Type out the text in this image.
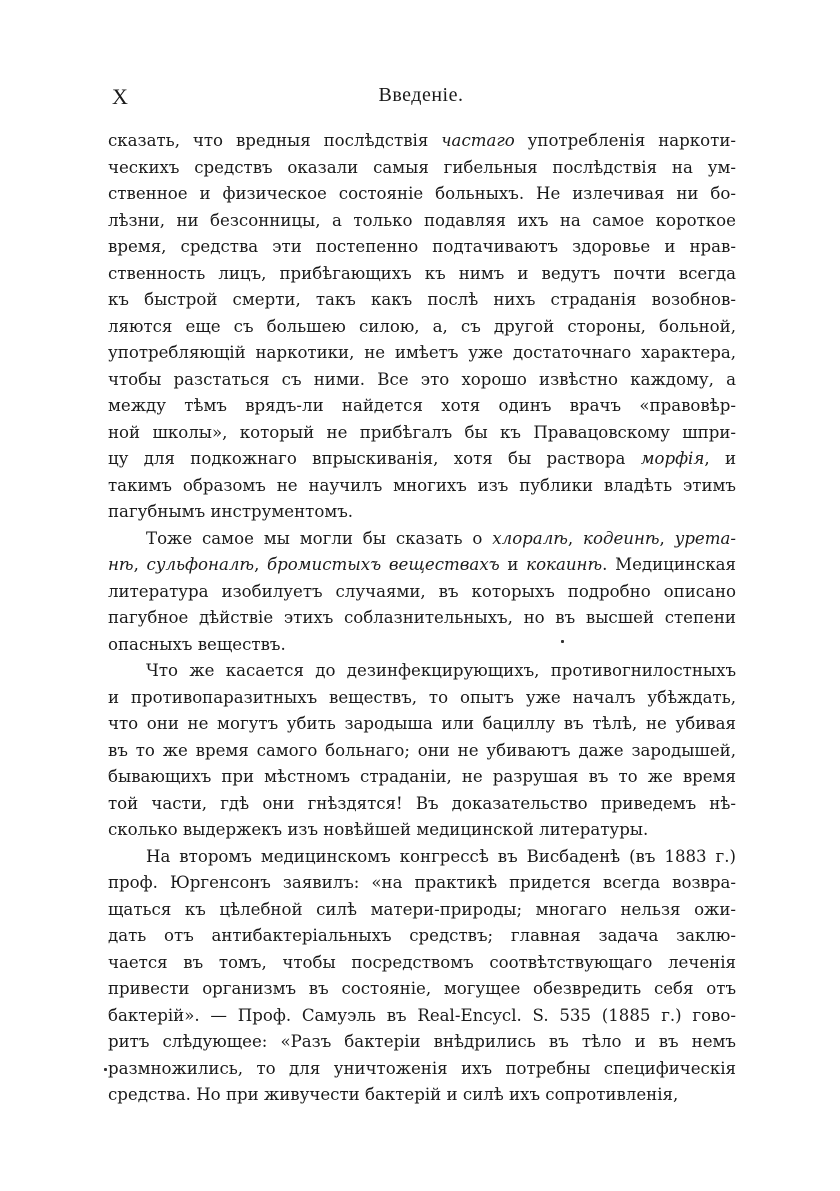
X	Введеніе.
сказать, что вредныя послѣдствія частаго употребленія наркоти-
ческихъ средствъ оказали самыя гибельныя послѣдствія на ум-
ственное и физическое состояніе больныхъ. Не излечивая ни бо-
лѣзни, ни безсонницы, а только подавляя ихъ на самое короткое
время, средства эти постепенно подтачиваютъ здоровье и нрав-
ственность лицъ, прибѣгающихъ къ нимъ и ведутъ почти всегда
къ быстрой смерти, такъ какъ послѣ нихъ страданія возобнов-
ляются еще съ большею силою, а, съ другой стороны, больной,
употребляющій наркотики, не имѣетъ уже достаточнаго характера,
чтобы разстаться съ ними. Все это хорошо извѣстно каждому, а
между тѣмъ врядъ-ли найдется хотя одинъ врачъ «правовѣр-
ной школы», который не прибѣгалъ бы къ Правацовскому шпри-
цу для подкожнаго впрыскиванія, хотя бы раствора морфія, и
такимъ образомъ не научилъ многихъ изъ публики владѣть этимъ
пагубнымъ инструментомъ.
Тоже самое мы могли бы сказать о хлоралѣ, кодеинѣ, урета-
нѣ, сульфоналѣ, бромистыхъ веществахъ и кокаинѣ. Медицинская
литература изобилуетъ случаями, въ которыхъ подробно описано
пагубное дѣйствіе этихъ соблазнительныхъ, но въ высшей степени
опасныхъ веществъ.
Что же касается до дезинфекцирующихъ, противогнилостныхъ
и противопаразитныхъ веществъ, то опытъ уже началъ убѣждать,
что они не могутъ убить зародыша или бациллу въ тѣлѣ, не убивая
въ то же время самого больнаго; они не убиваютъ даже зародышей,
бывающихъ при мѣстномъ страданіи, не разрушая въ то же время
той части, гдѣ они гнѣздятся! Въ доказательство приведемъ нѣ-
сколько выдержекъ изъ новѣйшей медицинской литературы.
На второмъ медицинскомъ конгрессѣ въ Висбаденѣ (въ 1883 г.)
проф. Юргенсонъ заявилъ: «на практикѣ придется всегда возвра-
щаться къ цѣлебной силѣ матери-природы; многаго нельзя ожи-
дать отъ антибактеріальныхъ средствъ; главная задача заклю-
чается въ томъ, чтобы посредствомъ соотвѣтствующаго леченія
привести организмъ въ состояніе, могущее обезвредить себя отъ
бактерій». — Проф. Самуэль въ Real-Encycl. S. 535 (1885 г.) гово-
ритъ слѣдующее: «Разъ бактеріи внѣдрились въ тѣло и въ немъ
размножились, то для уничтоженія ихъ потребны специфическія
средства. Но при живучести бактерій и силѣ ихъ сопротивленія,
